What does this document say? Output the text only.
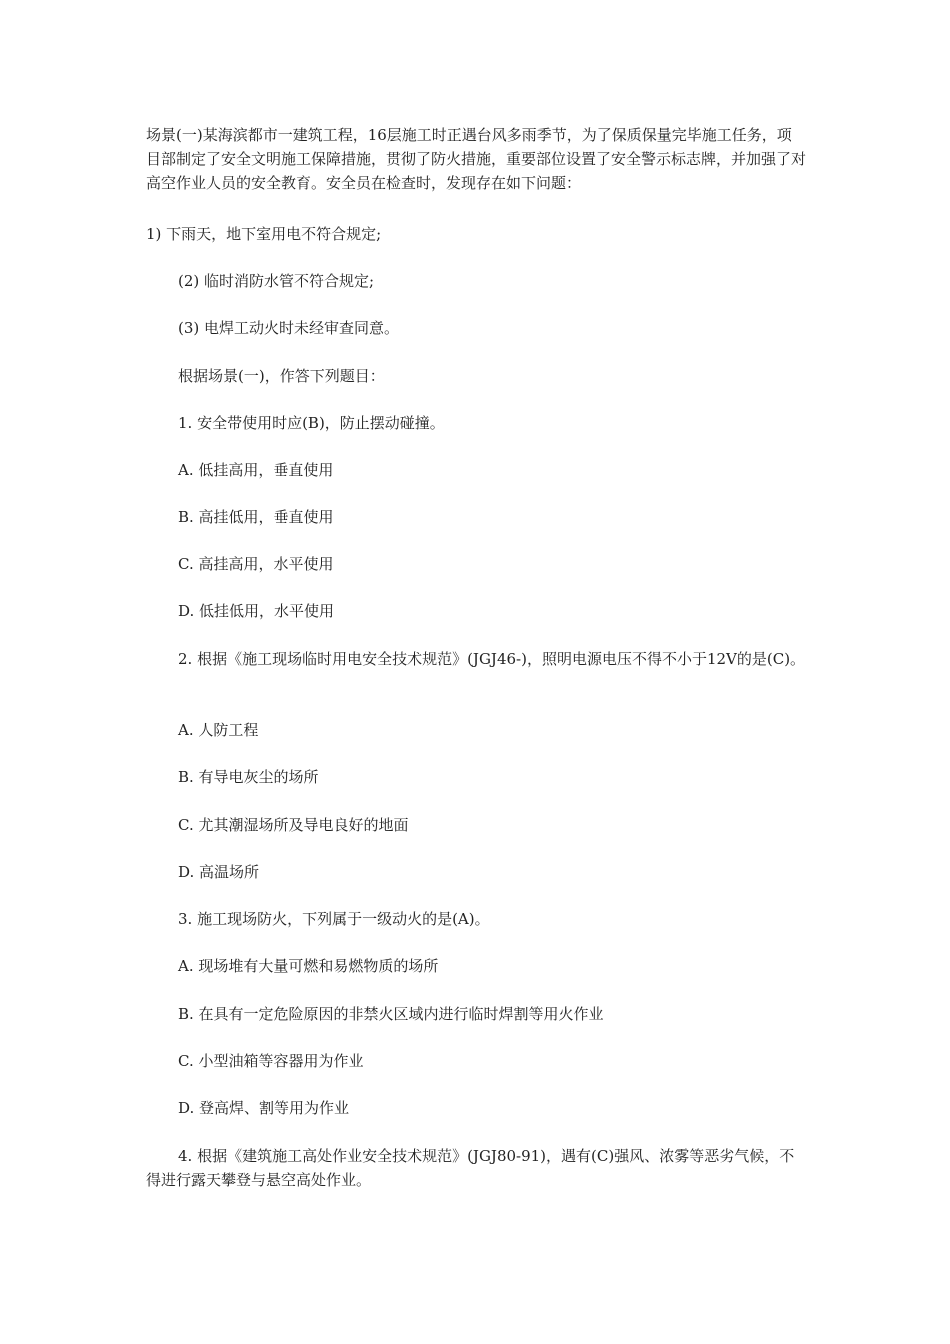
场景(一)某海滨都市一建筑工程，16层施工时正遇台风多雨季节，为了保质保量完毕施工任务，项目部制定了安全文明施工保障措施，贯彻了防火措施，重要部位设置了安全警示标志牌，并加强了对高空作业人员的安全教育。安全员在检查时，发现存在如下问题：
1) 下雨天，地下室用电不符合规定;
(2) 临时消防水管不符合规定;
(3) 电焊工动火时未经审查同意。
根据场景(一)，作答下列题目：
1. 安全带使用时应(B)，防止摆动碰撞。
A. 低挂高用，垂直使用
B. 高挂低用，垂直使用
C. 高挂高用，水平使用
D. 低挂低用，水平使用
2. 根据《施工现场临时用电安全技术规范》(JGJ46-)，照明电源电压不得不小于12V的是(C)。
A. 人防工程
B. 有导电灰尘的场所
C. 尤其潮湿场所及导电良好的地面
D. 高温场所
3. 施工现场防火，下列属于一级动火的是(A)。
A. 现场堆有大量可燃和易燃物质的场所
B. 在具有一定危险原因的非禁火区域内进行临时焊割等用火作业
C. 小型油箱等容器用为作业
D. 登高焊、割等用为作业
4. 根据《建筑施工高处作业安全技术规范》(JGJ80-91)，遇有(C)强风、浓雾等恶劣气候，不得进行露天攀登与悬空高处作业。
